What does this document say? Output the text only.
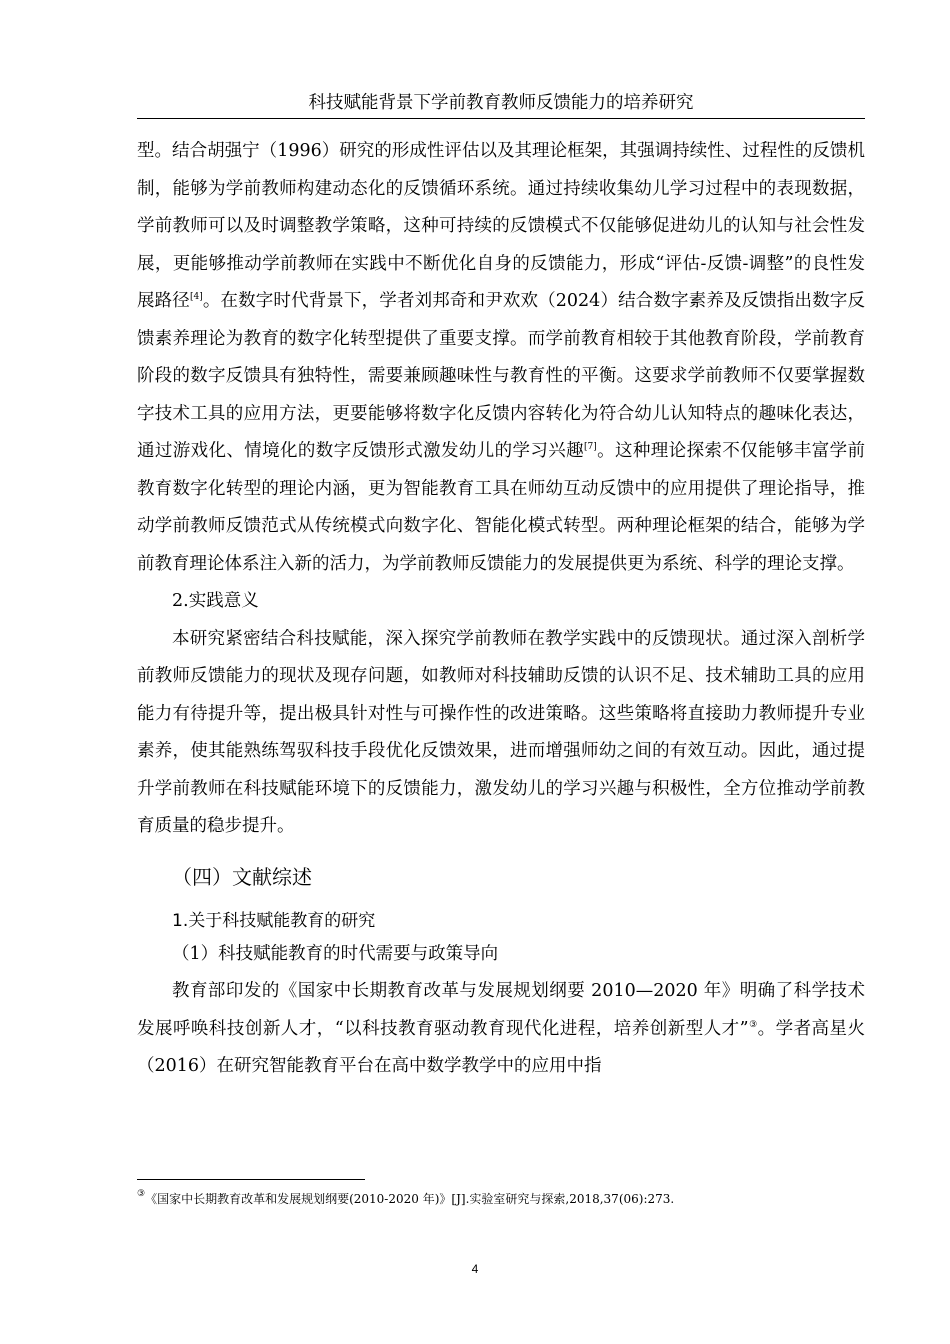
科技赋能背景下学前教育教师反馈能力的培养研究

型。结合胡强宁（1996）研究的形成性评估以及其理论框架，其强调持续性、过程性的反馈机制，能够为学前教师构建动态化的反馈循环系统。通过持续收集幼儿学习过程中的表现数据，学前教师可以及时调整教学策略，这种可持续的反馈模式不仅能够促进幼儿的认知与社会性发展，更能够推动学前教师在实践中不断优化自身的反馈能力，形成“评估-反馈-调整”的良性发展路径[4]。在数字时代背景下，学者刘邦奇和尹欢欢（2024）结合数字素养及反馈指出数字反馈素养理论为教育的数字化转型提供了重要支撑。而学前教育相较于其他教育阶段，学前教育阶段的数字反馈具有独特性，需要兼顾趣味性与教育性的平衡。这要求学前教师不仅要掌握数字技术工具的应用方法，更要能够将数字化反馈内容转化为符合幼儿认知特点的趣味化表达，通过游戏化、情境化的数字反馈形式激发幼儿的学习兴趣[7]。这种理论探索不仅能够丰富学前教育数字化转型的理论内涵，更为智能教育工具在师幼互动反馈中的应用提供了理论指导，推动学前教师反馈范式从传统模式向数字化、智能化模式转型。两种理论框架的结合，能够为学前教育理论体系注入新的活力，为学前教师反馈能力的发展提供更为系统、科学的理论支撑。

2.实践意义

本研究紧密结合科技赋能，深入探究学前教师在教学实践中的反馈现状。通过深入剖析学前教师反馈能力的现状及现存问题，如教师对科技辅助反馈的认识不足、技术辅助工具的应用能力有待提升等，提出极具针对性与可操作性的改进策略。这些策略将直接助力教师提升专业素养，使其能熟练驾驭科技手段优化反馈效果，进而增强师幼之间的有效互动。因此，通过提升学前教师在科技赋能环境下的反馈能力，激发幼儿的学习兴趣与积极性，全方位推动学前教育质量的稳步提升。

（四）文献综述

1.关于科技赋能教育的研究

（1）科技赋能教育的时代需要与政策导向

教育部印发的《国家中长期教育改革与发展规划纲要 2010—2020 年》明确了科学技术发展呼唤科技创新人才，“以科技教育驱动教育现代化进程，培养创新型人才”③。学者高星火（2016）在研究智能教育平台在高中数学教学中的应用中指

③《国家中长期教育改革和发展规划纲要(2010-2020 年)》[J].实验室研究与探索,2018,37(06):273.
4
